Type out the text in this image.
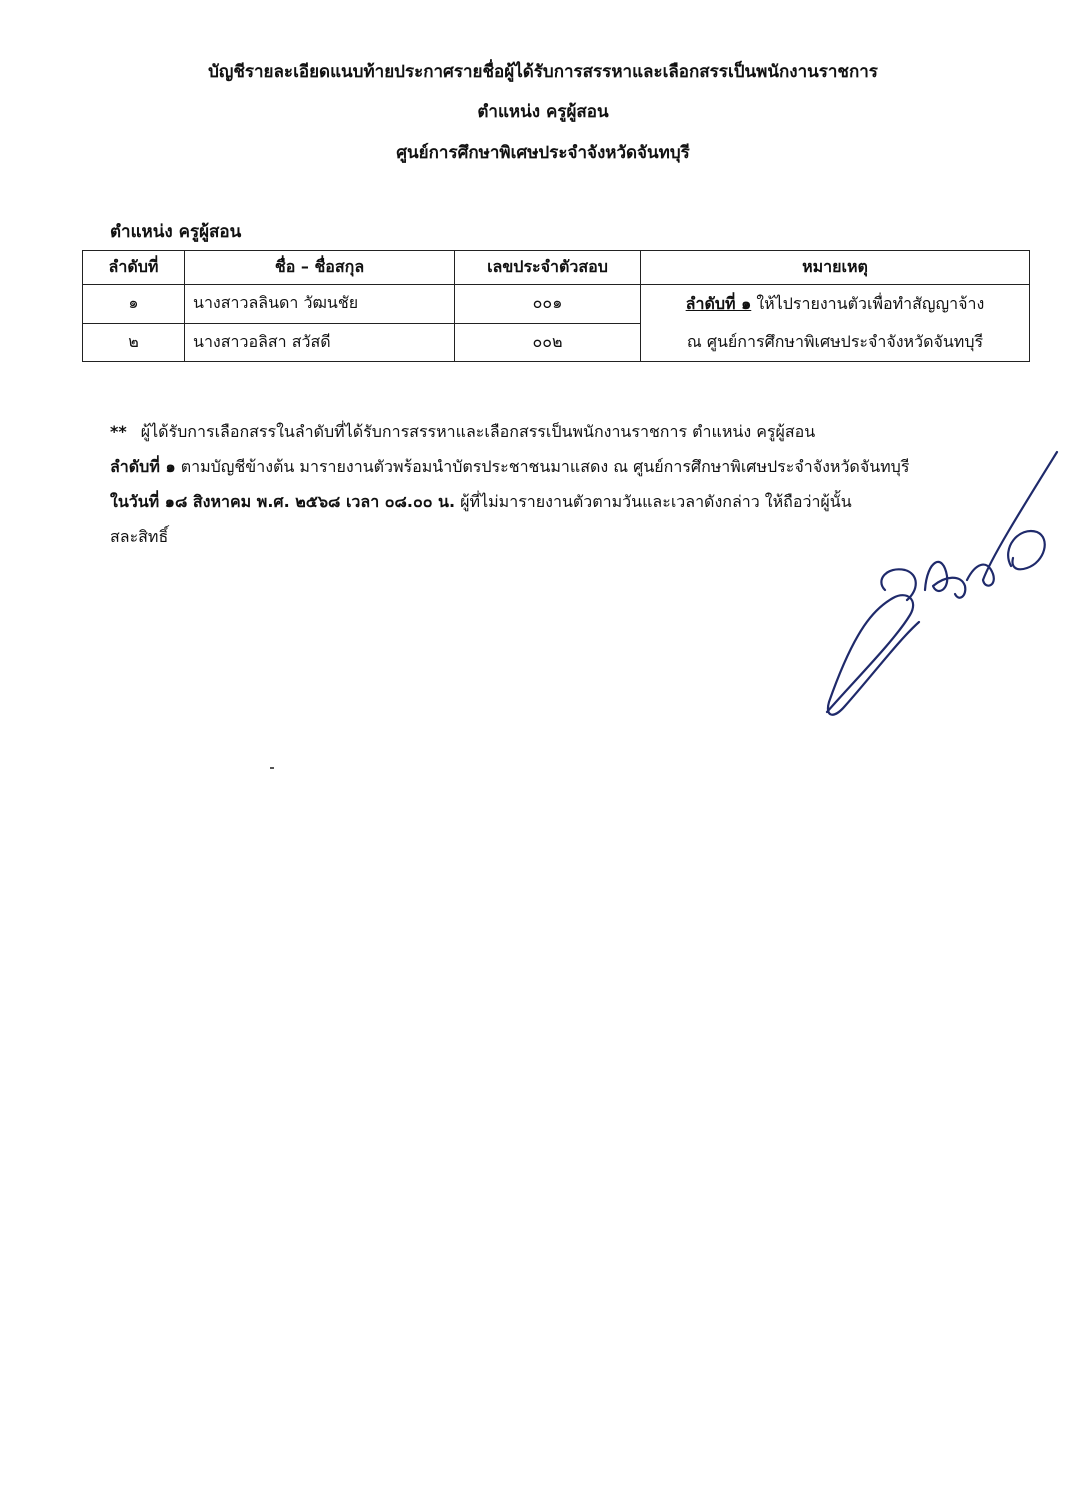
บัญชีรายละเอียดแนบท้ายประกาศรายชื่อผู้ได้รับการสรรหาและเลือกสรรเป็นพนักงานราชการ
ตำแหน่ง ครูผู้สอน
ศูนย์การศึกษาพิเศษประจำจังหวัดจันทบุรี
ตำแหน่ง ครูผู้สอน
ลำดับที่	ชื่อ – ชื่อสกุล	เลขประจำตัวสอบ	หมายเหตุ
๑	นางสาวลลินดา วัฒนชัย	๐๐๑	ลำดับที่ ๑ ให้ไปรายงานตัวเพื่อทำสัญญาจ้าง
ณ ศูนย์การศึกษาพิเศษประจำจังหวัดจันทบุรี

๒	นางสาวอลิสา สวัสดี	๐๐๒	
** ผู้ได้รับการเลือกสรรในลำดับที่ได้รับการสรรหาและเลือกสรรเป็นพนักงานราชการ ตำแหน่ง ครูผู้สอน
ลำดับที่ ๑ ตามบัญชีข้างต้น มารายงานตัวพร้อมนำบัตรประชาชนมาแสดง ณ ศูนย์การศึกษาพิเศษประจำจังหวัดจันทบุรี
ในวันที่ ๑๘ สิงหาคม พ.ศ. ๒๕๖๘ เวลา ๐๘.๐๐ น. ผู้ที่ไม่มารายงานตัวตามวันและเวลาดังกล่าว ให้ถือว่าผู้นั้น
สละสิทธิ์
